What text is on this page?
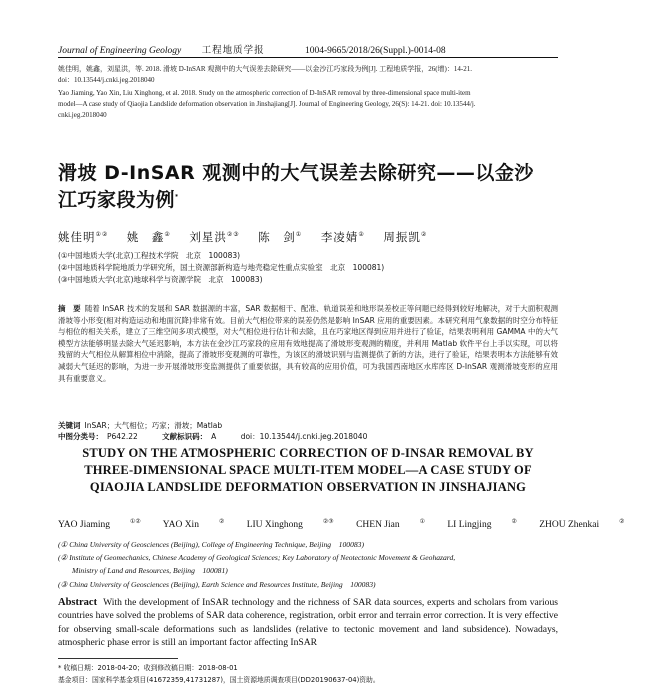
Journal of Engineering Geology 工程地质学报	1004-9665/2018/26(Suppl.)-0014-08
姚佳明，姚鑫，刘星洪，等. 2018. 滑坡 D-InSAR 观测中的大气误差去除研究——以金沙江巧家段为例[J]. 工程地质学报，26(增)：14-21.
doi：10.13544/j.cnki.jeg.2018040
Yao Jiaming, Yao Xin, Liu Xinghong, et al. 2018. Study on the atmospheric correction of D-InSAR removal by three-dimensional space multi-item
model—A case study of Qiaojia Landslide deformation observation in Jinshajiang[J]. Journal of Engineering Geology, 26(S): 14-21. doi: 10.13544/j.
cnki.jeg.2018040
滑坡 D-InSAR 观测中的大气误差去除研究——以金沙
江巧家段为例*
姚佳明①② 姚　鑫② 刘星洪②③ 陈　剑① 李凌婧② 周振凯②
(①中国地质大学(北京)工程技术学院　北京　100083)
(②中国地质科学院地质力学研究所，国土资源部新构造与地壳稳定性重点实验室　北京　100081)
(③中国地质大学(北京)地球科学与资源学院　北京　100083)
摘　要 随着 InSAR 技术的发展和 SAR 数据源的丰富，SAR 数据相干、配准、轨道误差和地形误差校正等问题已经得到较好地解决，对于大面积观测滑坡等小形变(相对构造运动和地面沉降)非常有效。目前大气相位带来的误差仍然是影响 InSAR 应用的重要因素。本研究利用气象数据的时空分布特征与相位的相关关系，建立了三维空间多项式模型，对大气相位进行估计和去除，且在巧家地区得到应用并进行了验证，结果表明利用 GAMMA 中的大气模型方法能够明显去除大气延迟影响，本方法在金沙江巧家段的应用有效地提高了滑坡形变观测的精度，并利用 Matlab 软件平台上手以实现，可以将残留的大气相位从解算相位中消除，提高了滑坡形变观测的可靠性，为该区的滑坡识别与监测提供了新的方法，进行了验证，结果表明本方法能够有效减弱大气延迟的影响，为进一步开展滑坡形变监测提供了重要依据，具有较高的应用价值，可为我国西南地区水库库区 D-InSAR 观测滑坡变形的应用具有重要意义。
关键词 InSAR；大气相位；巧家；滑坡；Matlab
中图分类号： P642.22	文献标识码： A	doi：10.13544/j.cnki.jeg.2018040
STUDY ON THE ATMOSPHERIC CORRECTION OF D-INSAR REMOVAL BY
THREE-DIMENSIONAL SPACE MULTI-ITEM MODEL—A CASE STUDY OF
QIAOJIA LANDSLIDE DEFORMATION OBSERVATION IN JINSHAJIANG
YAO Jiaming	①② YAO Xin	② LIU Xinghong	②③ CHEN Jian	① LI Lingjing	② ZHOU Zhenkai	②
(① China University of Geosciences (Beijing), College of Engineering Technique, Beijing　100083)
(② Institute of Geomechanics, Chinese Academy of Geological Sciences; Key Laboratory of Neotectonic Movement & Geohazard,
Ministry of Land and Resources, Beijing　100081)
(③ China University of Geosciences (Beijing), Earth Science and Resources Institute, Beijing　100083)
Abstract With the development of InSAR technology and the richness of SAR data sources, experts and scholars from various countries have solved the problems of SAR data coherence, registration, orbit error and terrain error correction. It is very effective for observing small-scale deformations such as landslides (relative to tectonic movement and land subsidence). Nowadays, atmospheric phase error is still an important factor affecting InSAR
* 收稿日期：2018-04-20；收到修改稿日期：2018-08-01
基金项目：国家科学基金项目(41672359,41731287)，国土资源地质调查项目(DD20190637-04)资助。
